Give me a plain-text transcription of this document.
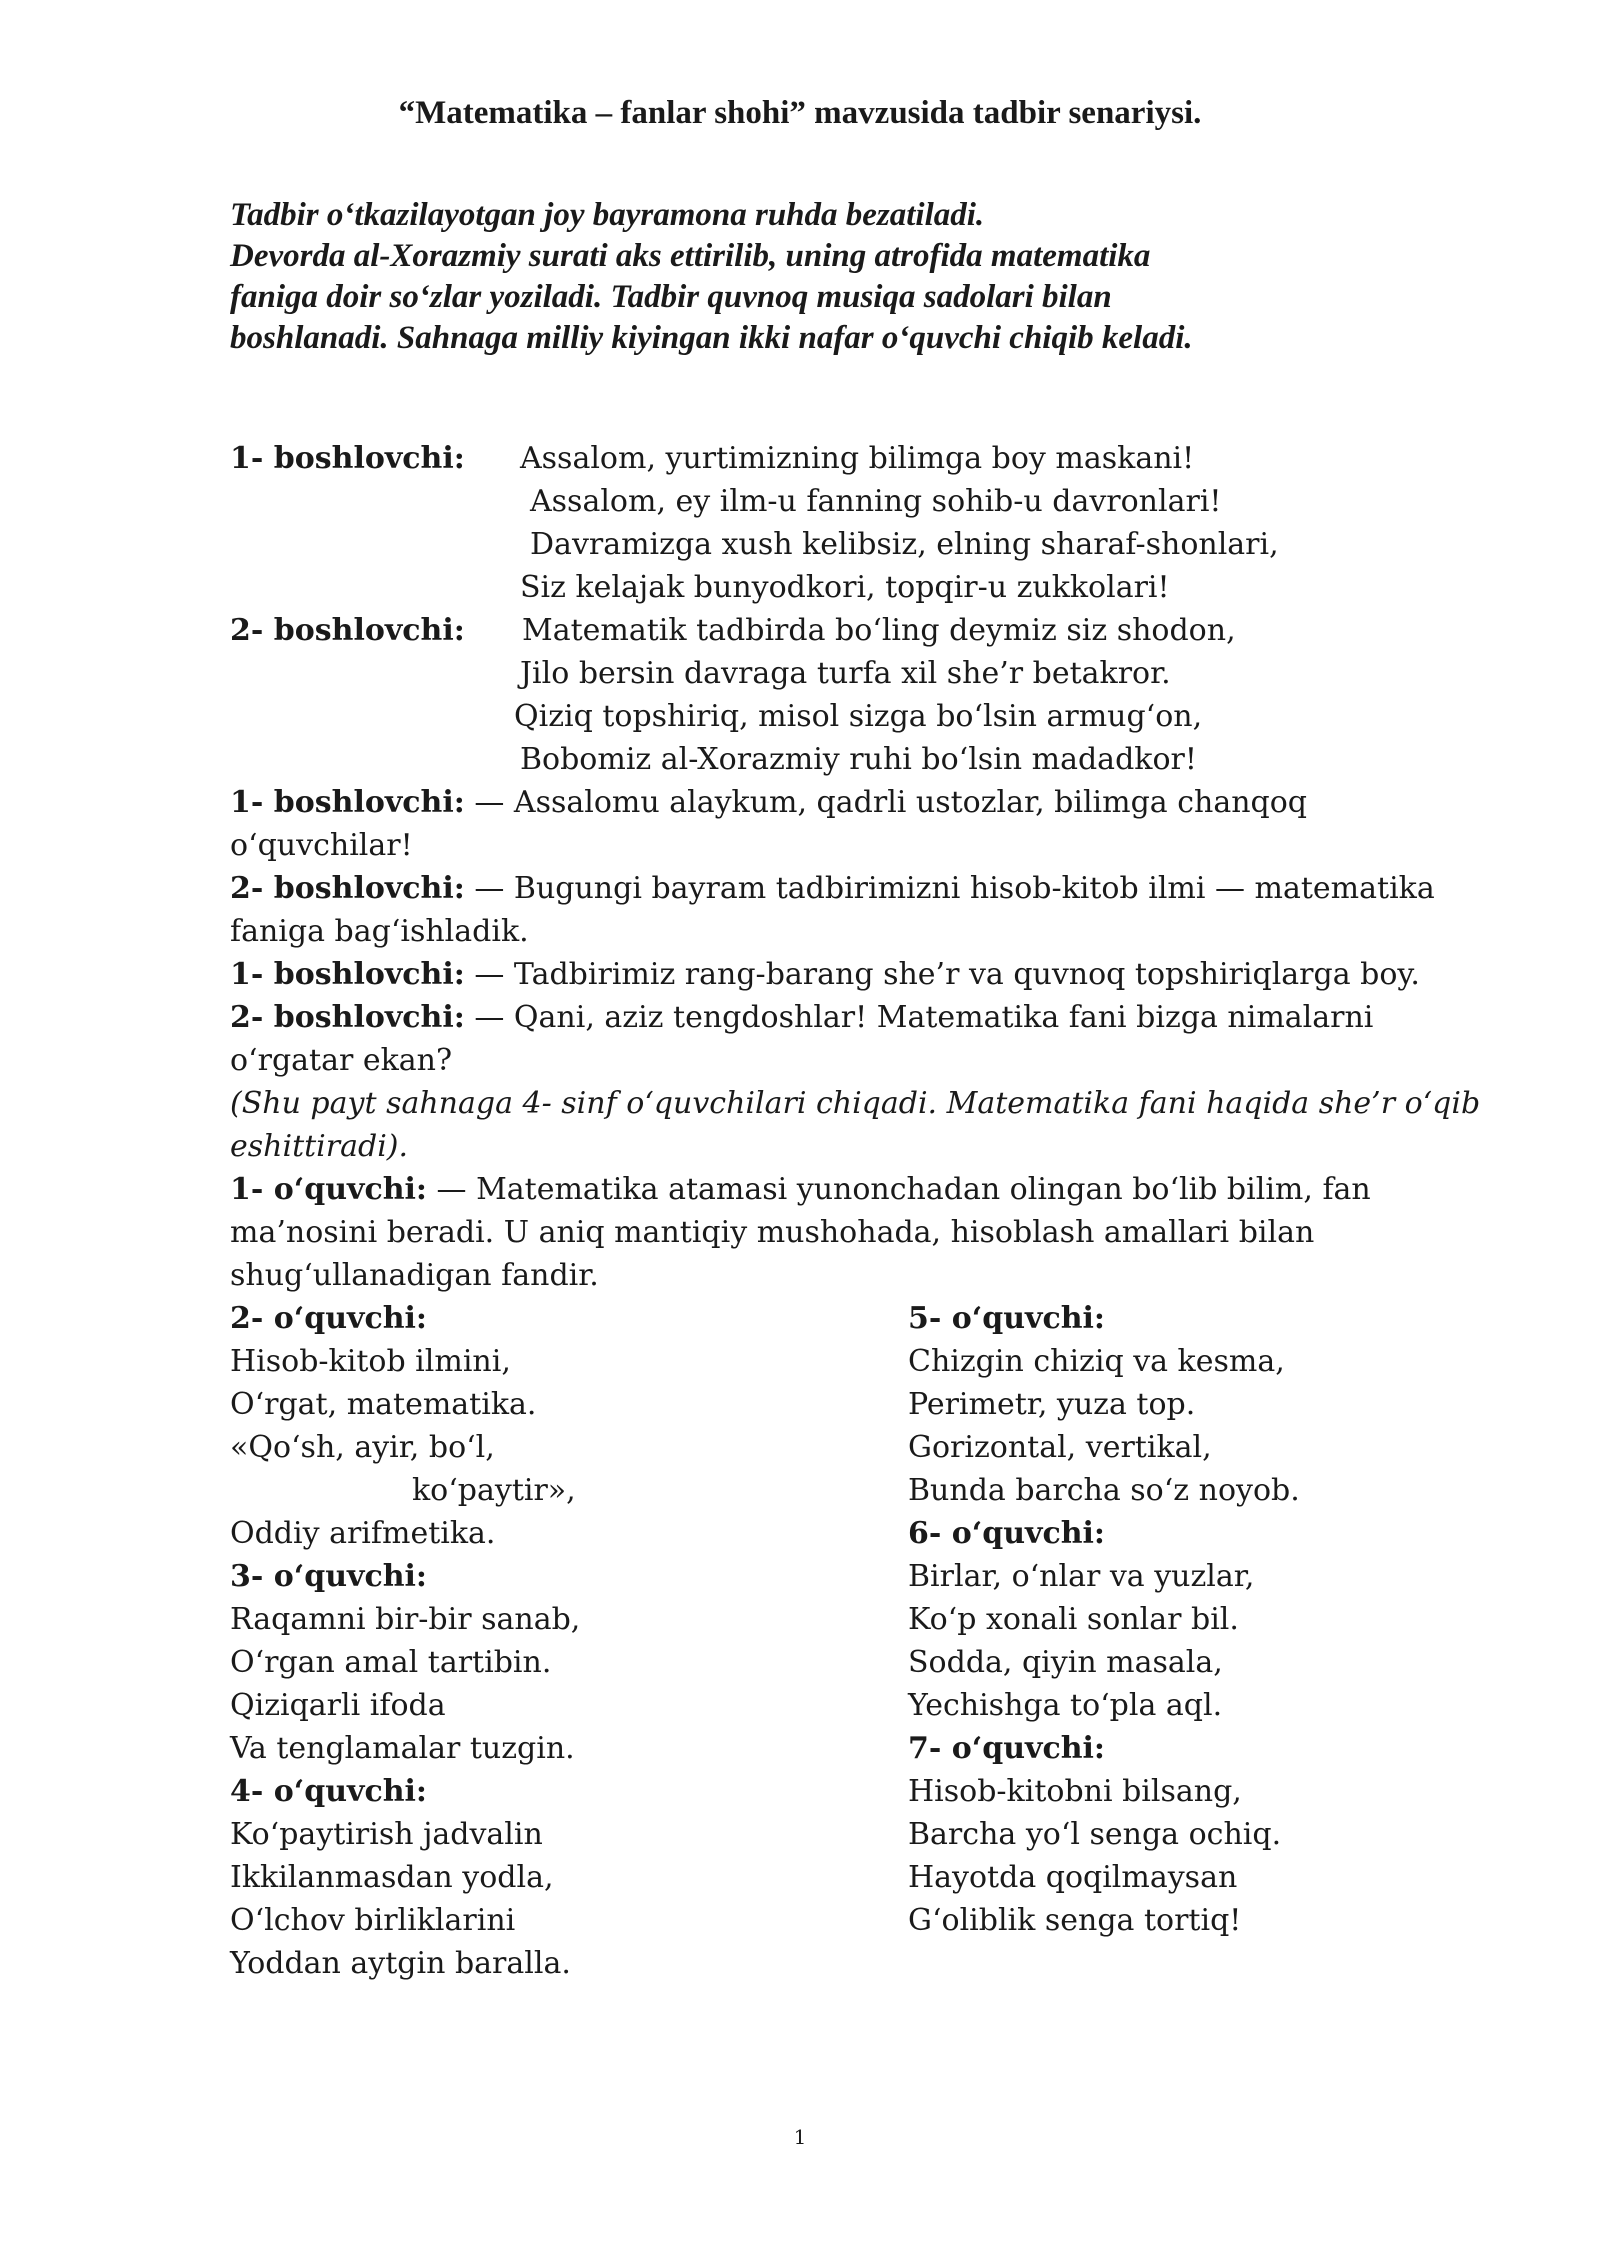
“Matematika – fanlar shohi” mavzusida tadbir senariysi.

Tadbir o‘tkazilayotgan joy bayramona ruhda bezatiladi.

Devorda al-Xorazmiy surati aks ettirilib, uning atrofida matematika

faniga doir so‘zlar yoziladi. Tadbir quvnoq musiqa sadolari bilan

boshlanadi. Sahnaga milliy kiyingan ikki nafar o‘quvchi chiqib keladi.

1- boshlovchi: Assalom, yurtimizning bilimga boy maskani!
Assalom, ey ilm-u fanning sohib-u davronlari!
Davramizga xush kelibsiz, elning sharaf-shonlari,
Siz kelajak bunyodkori, topqir-u zukkolari!
2- boshlovchi: Matematik tadbirda bo‘ling deymiz siz shodon,
Jilo bersin davraga turfa xil she’r betakror.
Qiziq topshiriq, misol sizga bo‘lsin armug‘on,
Bobomiz al-Xorazmiy ruhi bo‘lsin madadkor!
1- boshlovchi: — Assalomu alaykum, qadrli ustozlar, bilimga chanqoq
o‘quvchilar!
2- boshlovchi: — Bugungi bayram tadbirimizni hisob-kitob ilmi — matematika
faniga bag‘ishladik.
1- boshlovchi: — Tadbirimiz rang-barang she’r va quvnoq topshiriqlarga boy.
2- boshlovchi: — Qani, aziz tengdoshlar! Matematika fani bizga nimalarni
o‘rgatar ekan?
(Shu payt sahnaga 4- sinf o‘quvchilari chiqadi. Matematika fani haqida she’r o‘qib
eshittiradi).
1- o‘quvchi: — Matematika atamasi yunonchadan olingan bo‘lib bilim, fan
ma’nosini beradi. U aniq mantiqiy mushohada, hisoblash amallari bilan
shug‘ullanadigan fandir.
2- o‘quvchi:
Hisob-kitob ilmini,
O‘rgat, matematika.
«Qo‘sh, ayir, bo‘l,
ko‘paytir»,
Oddiy arifmetika.
3- o‘quvchi:
Raqamni bir-bir sanab,
O‘rgan amal tartibin.
Qiziqarli ifoda
Va tenglamalar tuzgin.
4- o‘quvchi:
Ko‘paytirish jadvalin
Ikkilanmasdan yodla,
O‘lchov birliklarini
Yoddan aytgin baralla.
5- o‘quvchi:
Chizgin chiziq va kesma,
Perimetr, yuza top.
Gorizontal, vertikal,
Bunda barcha so‘z noyob.
6- o‘quvchi:
Birlar, o‘nlar va yuzlar,
Ko‘p xonali sonlar bil.
Sodda, qiyin masala,
Yechishga to‘pla aql.
7- o‘quvchi:
Hisob-kitobni bilsang,
Barcha yo‘l senga ochiq.
Hayotda qoqilmaysan
G‘oliblik senga tortiq!
1
